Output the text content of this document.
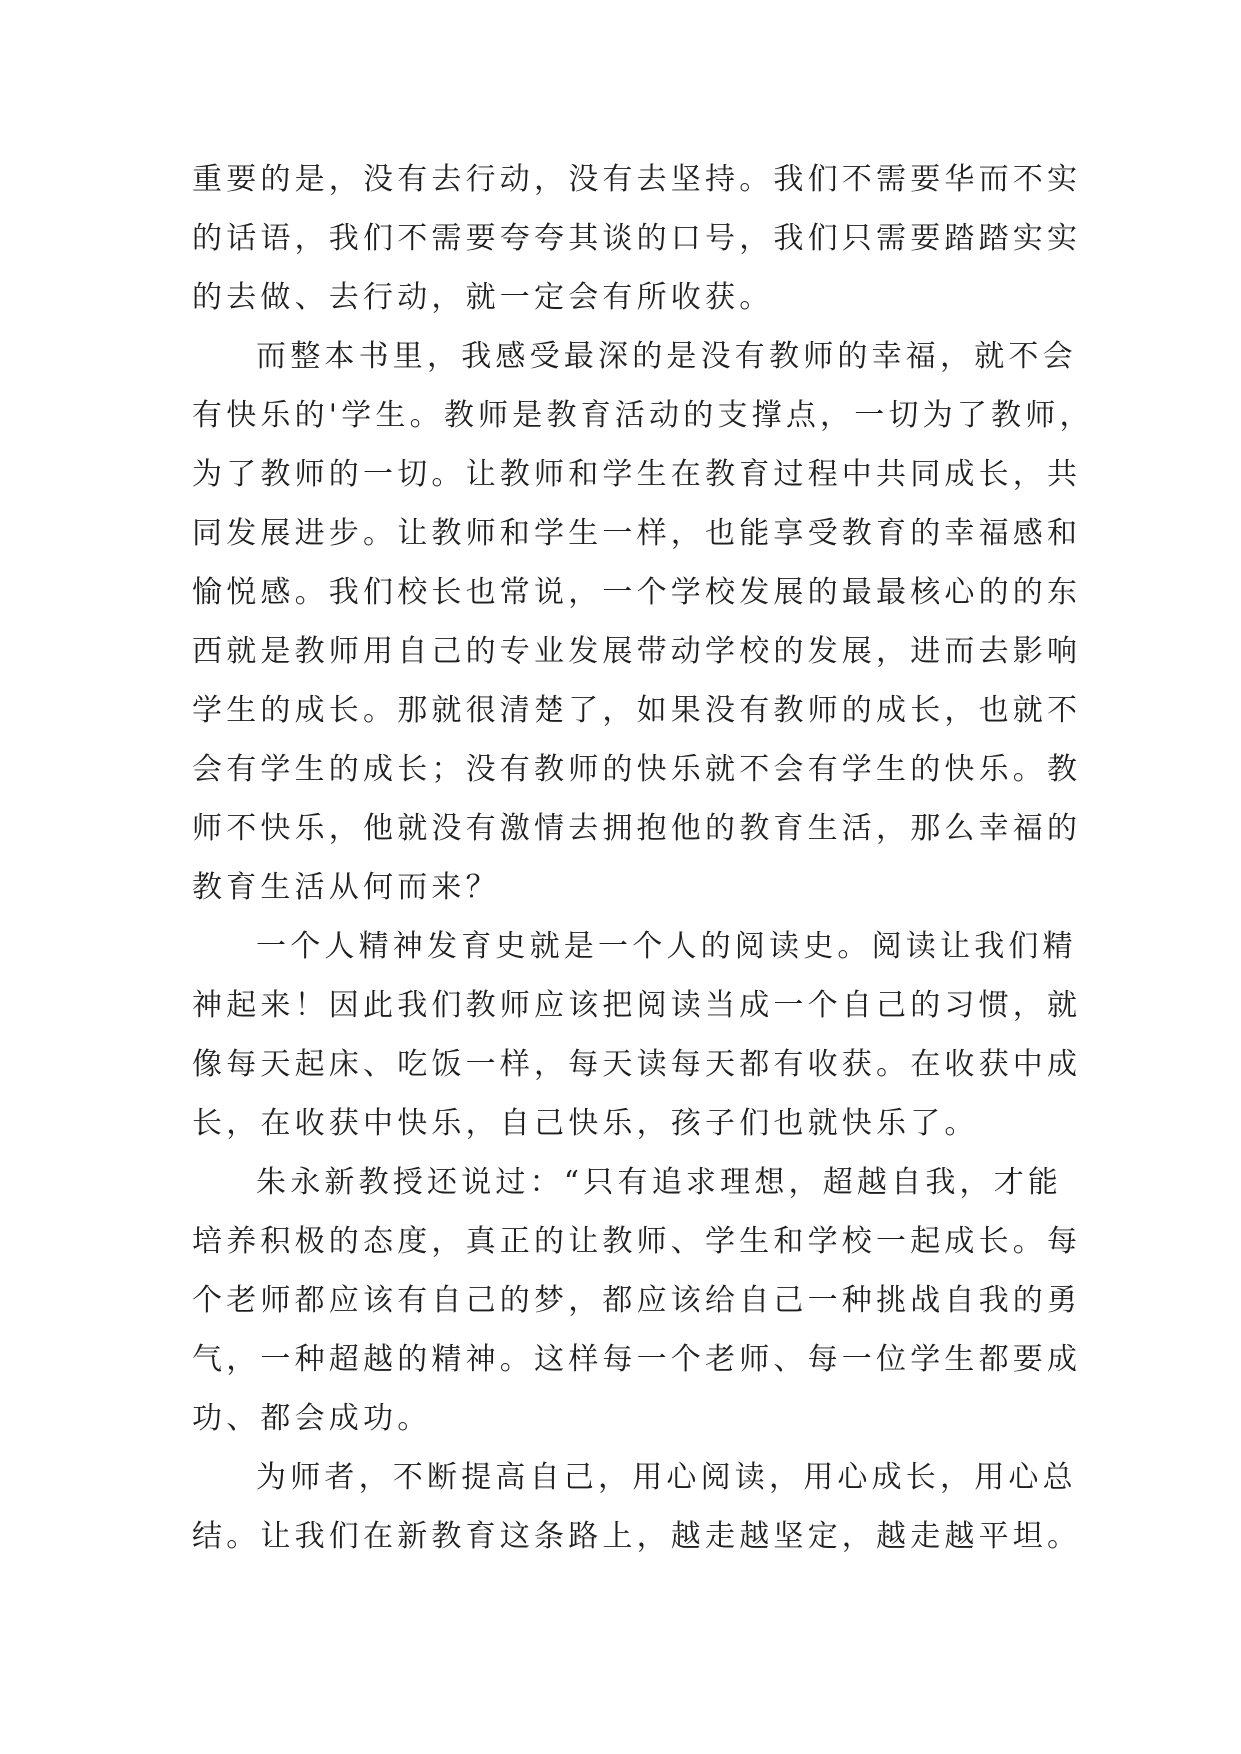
重要的是，没有去行动，没有去坚持。我们不需要华而不实
的话语，我们不需要夸夸其谈的口号，我们只需要踏踏实实
的去做、去行动，就一定会有所收获。
而整本书里，我感受最深的是没有教师的幸福，就不会
有快乐的'学生。教师是教育活动的支撑点，一切为了教师，
为了教师的一切。让教师和学生在教育过程中共同成长，共
同发展进步。让教师和学生一样，也能享受教育的幸福感和
愉悦感。我们校长也常说，一个学校发展的最最核心的的东
西就是教师用自己的专业发展带动学校的发展，进而去影响
学生的成长。那就很清楚了，如果没有教师的成长，也就不
会有学生的成长；没有教师的快乐就不会有学生的快乐。教
师不快乐，他就没有激情去拥抱他的教育生活，那么幸福的
教育生活从何而来？
一个人精神发育史就是一个人的阅读史。阅读让我们精
神起来！因此我们教师应该把阅读当成一个自己的习惯，就
像每天起床、吃饭一样，每天读每天都有收获。在收获中成
长，在收获中快乐，自己快乐，孩子们也就快乐了。
朱永新教授还说过：“只有追求理想，超越自我，才能
培养积极的态度，真正的让教师、学生和学校一起成长。每
个老师都应该有自己的梦，都应该给自己一种挑战自我的勇
气，一种超越的精神。这样每一个老师、每一位学生都要成
功、都会成功。
为师者，不断提高自己，用心阅读，用心成长，用心总
结。让我们在新教育这条路上，越走越坚定，越走越平坦。
